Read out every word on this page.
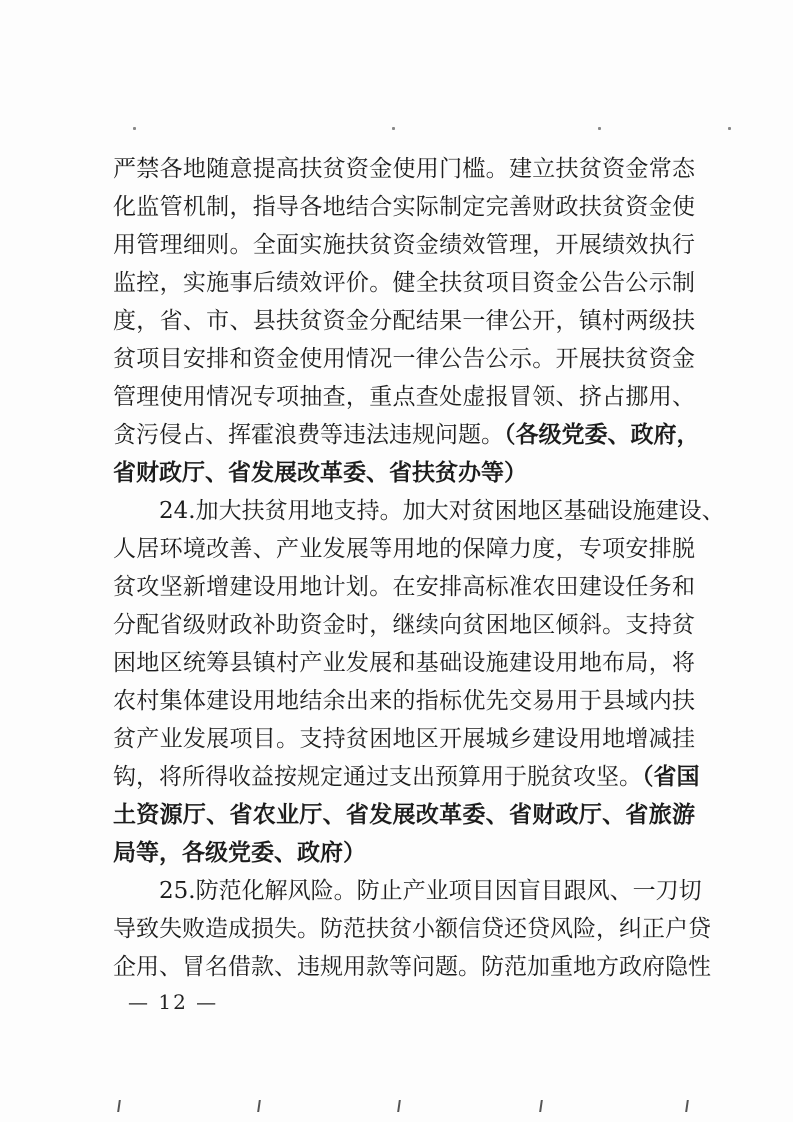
严禁各地随意提高扶贫资金使用门槛。建立扶贫资金常态
化监管机制，指导各地结合实际制定完善财政扶贫资金使
用管理细则。全面实施扶贫资金绩效管理，开展绩效执行
监控，实施事后绩效评价。健全扶贫项目资金公告公示制
度，省、市、县扶贫资金分配结果一律公开，镇村两级扶
贫项目安排和资金使用情况一律公告公示。开展扶贫资金
管理使用情况专项抽查，重点查处虚报冒领、挤占挪用、
贪污侵占、挥霍浪费等违法违规问题。（各级党委、政府，
省财政厅、省发展改革委、省扶贫办等）
　　24.加大扶贫用地支持。加大对贫困地区基础设施建设、
人居环境改善、产业发展等用地的保障力度，专项安排脱
贫攻坚新增建设用地计划。在安排高标准农田建设任务和
分配省级财政补助资金时，继续向贫困地区倾斜。支持贫
困地区统筹县镇村产业发展和基础设施建设用地布局，将
农村集体建设用地结余出来的指标优先交易用于县域内扶
贫产业发展项目。支持贫困地区开展城乡建设用地增减挂
钩，将所得收益按规定通过支出预算用于脱贫攻坚。（省国
土资源厅、省农业厅、省发展改革委、省财政厅、省旅游
局等，各级党委、政府）
　　25.防范化解风险。防止产业项目因盲目跟风、一刀切
导致失败造成损失。防范扶贫小额信贷还贷风险，纠正户贷
企用、冒名借款、违规用款等问题。防范加重地方政府隐性
— 12 —
